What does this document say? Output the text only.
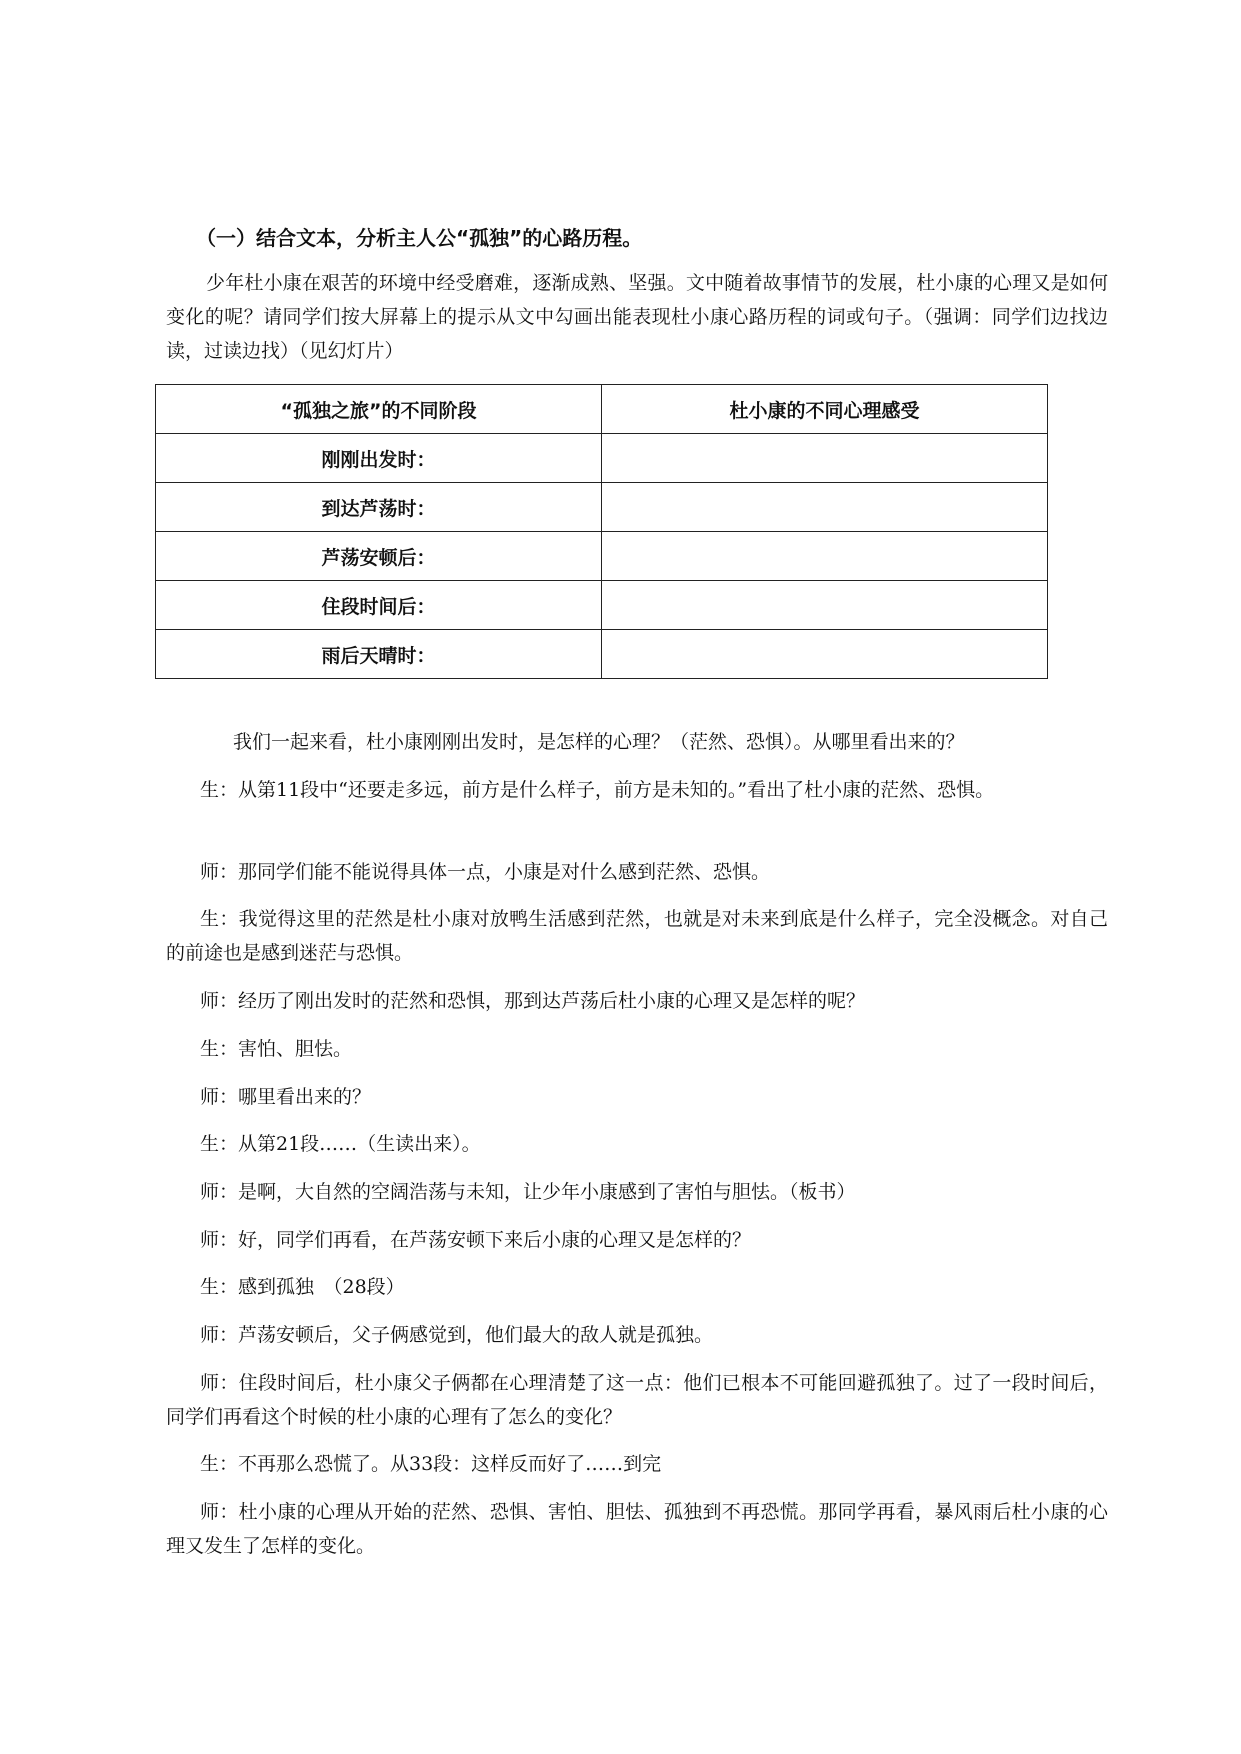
（一）结合文本，分析主人公“孤独”的心路历程。

少年杜小康在艰苦的环境中经受磨难，逐渐成熟、坚强。文中随着故事情节的发展，杜小康的心理又是如何变化的呢？请同学们按大屏幕上的提示从文中勾画出能表现杜小康心路历程的词或句子。（强调：同学们边找边读，过读边找）（见幻灯片）

“孤独之旅”的不同阶段	杜小康的不同心理感受
刚刚出发时：	
到达芦荡时：	
芦荡安顿后：	
住段时间后：	
雨后天晴时：	

我们一起来看，杜小康刚刚出发时，是怎样的心理？（茫然、恐惧）。从哪里看出来的？

生：从第11段中“还要走多远，前方是什么样子，前方是未知的。”看出了杜小康的茫然、恐惧。

师：那同学们能不能说得具体一点，小康是对什么感到茫然、恐惧。

生：我觉得这里的茫然是杜小康对放鸭生活感到茫然，也就是对未来到底是什么样子，完全没概念。对自己的前途也是感到迷茫与恐惧。

师：经历了刚出发时的茫然和恐惧，那到达芦荡后杜小康的心理又是怎样的呢？

生：害怕、胆怯。

师：哪里看出来的？

生：从第21段……（生读出来）。

师：是啊，大自然的空阔浩荡与未知，让少年小康感到了害怕与胆怯。（板书）

师：好，同学们再看，在芦荡安顿下来后小康的心理又是怎样的？

生：感到孤独　（28段）

师：芦荡安顿后，父子俩感觉到，他们最大的敌人就是孤独。

师：住段时间后，杜小康父子俩都在心理清楚了这一点：他们已根本不可能回避孤独了。过了一段时间后，同学们再看这个时候的杜小康的心理有了怎么的变化？

生：不再那么恐慌了。从33段：这样反而好了……到完

师：杜小康的心理从开始的茫然、恐惧、害怕、胆怯、孤独到不再恐慌。那同学再看，暴风雨后杜小康的心理又发生了怎样的变化。
